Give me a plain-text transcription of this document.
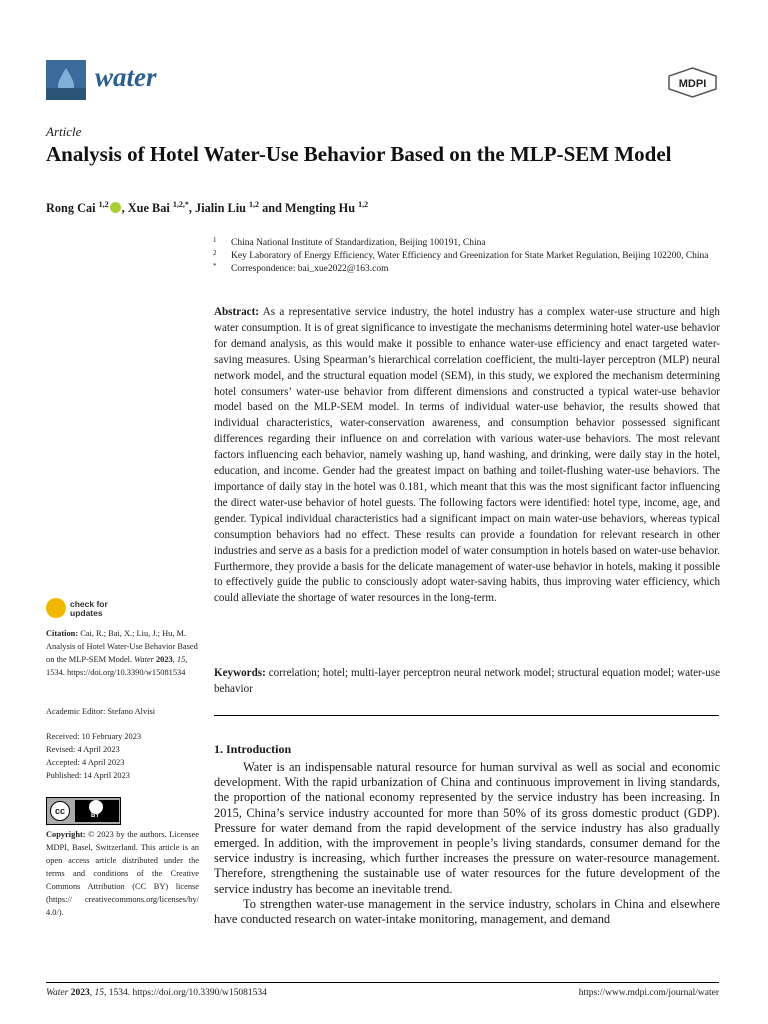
water	MDPI
Article
Analysis of Hotel Water-Use Behavior Based on the MLP-SEM Model
Rong Cai $^{1,2}$ , Xue Bai $^{1,2,*}$, Jialin Liu $^{1,2}$ and Mengting Hu $^{1,2}$
1 China National Institute of Standardization, Beijing 100191, China
2 Key Laboratory of Energy Efficiency, Water Efficiency and Greenization for State Market Regulation, Beijing 102200, China
* Correspondence: bai_xue2022@163.com
Abstract: As a representative service industry, the hotel industry has a complex water-use structure and high water consumption. It is of great significance to investigate the mechanisms determining hotel water-use behavior for demand analysis, as this would make it possible to enhance water-use efficiency and enact targeted water-saving measures. Using Spearman’s hierarchical correlation coefficient, the multi-layer perceptron (MLP) neural network model, and the structural equation model (SEM), in this study, we explored the mechanism determining hotel consumers’ water-use behavior from different dimensions and constructed a typical water-use behavior model based on the MLP-SEM model. In terms of individual water-use behavior, the results showed that individual characteristics, water-conservation awareness, and consumption behavior possessed significant differences regarding their influence on and correlation with various water-use behaviors. The most relevant factors influencing each behavior, namely washing up, hand washing, and drinking, were daily stay in the hotel, education, and income. Gender had the greatest impact on bathing and toilet-flushing water-use behaviors. The importance of daily stay in the hotel was 0.181, which meant that this was the most significant factor influencing the direct water-use behavior of hotel guests. The following factors were identified: hotel type, income, age, and gender. Typical individual characteristics had a significant impact on main water-use behaviors, whereas typical consumption behaviors had no effect. These results can provide a foundation for relevant research in other industries and serve as a basis for a prediction model of water consumption in hotels based on water-use behavior. Furthermore, they provide a basis for the delicate management of water-use behavior in hotels, making it possible to effectively guide the public to consciously adopt water-saving habits, thus improving water efficiency, which could alleviate the shortage of water resources in the long-term.
Keywords: correlation; hotel; multi-layer perceptron neural network model; structural equation model; water-use behavior
1. Introduction

Water is an indispensable natural resource for human survival as well as social and economic development. With the rapid urbanization of China and continuous improvement in living standards, the proportion of the national economy represented by the service industry has been increasing. In 2015, China’s service industry accounted for more than 50% of its gross domestic product (GDP). Pressure for water demand from the rapid development of the service industry has also gradually emerged. In addition, with the improvement in people’s living standards, consumer demand for the service industry is increasing, which further increases the pressure on water-resource management. Therefore, strengthening the sustainable use of water resources for the future development of the service industry has become an inevitable trend.

To strengthen water-use management in the service industry, scholars in China and elsewhere have conducted research on water-intake monitoring, management, and demand

check for
updates
Citation: Cai, R.; Bai, X.; Liu, J.; Hu, M. Analysis of Hotel Water-Use Behavior Based on the MLP-SEM Model. Water 2023, 15, 1534. https://doi.org/10.3390/w15081534
Academic Editor: Stefano Alvisi
Received: 10 February 2023
Revised: 4 April 2023
Accepted: 4 April 2023
Published: 14 April 2023
cc	BY
Copyright: © 2023 by the authors. Licensee MDPI, Basel, Switzerland. This article is an open access article distributed under the terms and conditions of the Creative Commons Attribution (CC BY) license (https:// creativecommons.org/licenses/by/ 4.0/).
Water 2023, 15, 1534. https://doi.org/10.3390/w15081534	https://www.mdpi.com/journal/water
